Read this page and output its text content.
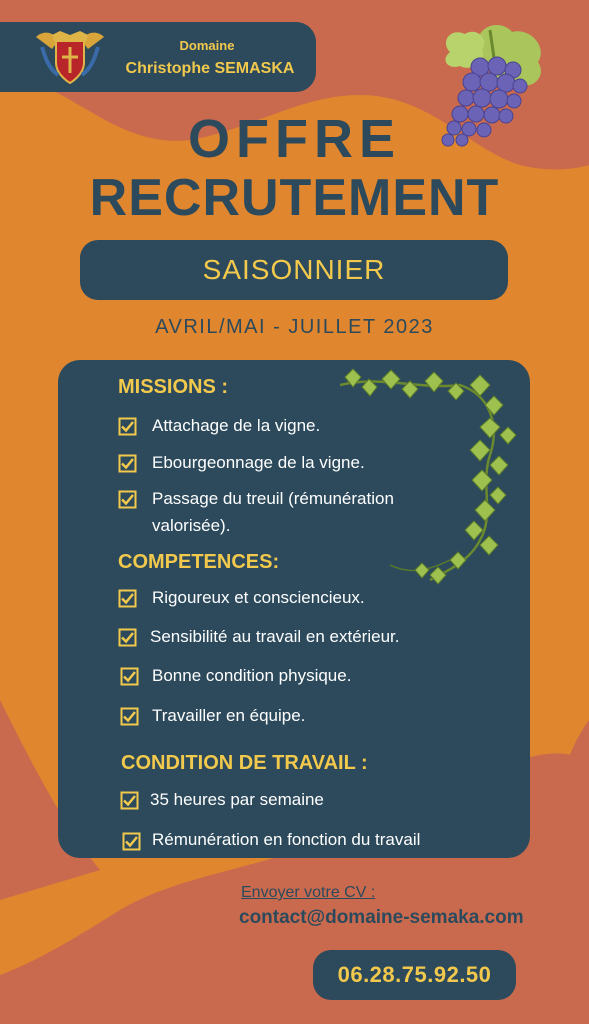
Domaine
Christophe SEMASKA
OFFRE
RECRUTEMENT
SAISONNIER
AVRIL/MAI - JUILLET 2023
MISSIONS :
Attachage de la vigne.
Ebourgeonnage de la vigne.
Passage du treuil (rémunération
valorisée).
COMPETENCES:
Rigoureux et consciencieux.
Sensibilité au travail en extérieur.
Bonne condition physique.
Travailler en équipe.
CONDITION DE TRAVAIL :
35 heures par semaine
Rémunération en fonction du travail
Envoyer votre CV :
contact@domaine-semaka.com
06.28.75.92.50
